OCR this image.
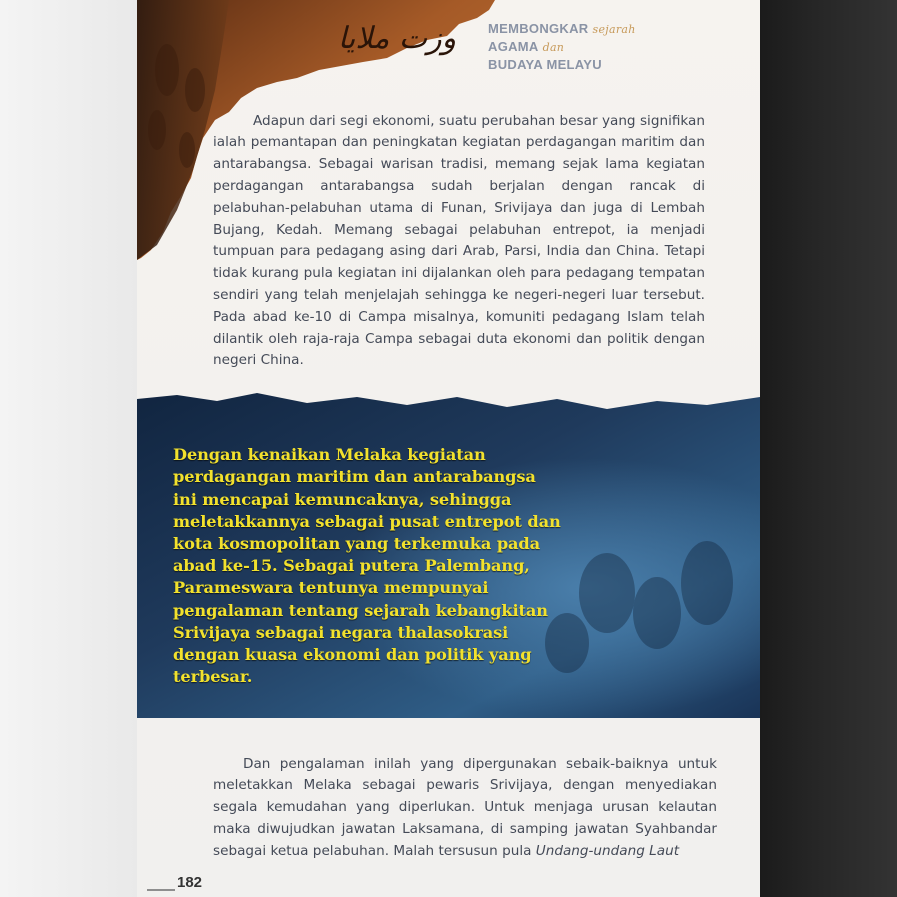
وزت ملايا MEMBONGKAR sejarah
AGAMA dan
BUDAYA MELAYU

Adapun dari segi ekonomi, suatu perubahan besar yang signifikan ialah pemantapan dan peningkatan kegiatan perdagangan maritim dan antarabangsa. Sebagai warisan tradisi, memang sejak lama kegiatan perdagangan antarabangsa sudah berjalan dengan rancak di pelabuhan-pelabuhan utama di Funan, Srivijaya dan juga di Lembah Bujang, Kedah. Memang sebagai pelabuhan entrepot, ia menjadi tumpuan para pedagang asing dari Arab, Parsi, India dan China. Tetapi tidak kurang pula kegiatan ini dijalankan oleh para pedagang tempatan sendiri yang telah menjelajah sehingga ke negeri-negeri luar tersebut. Pada abad ke-10 di Campa misalnya, komuniti pedagang Islam telah dilantik oleh raja-raja Campa sebagai duta ekonomi dan politik dengan negeri China.

Dengan kenaikan Melaka kegiatan perdagangan maritim dan antarabangsa ini mencapai kemuncaknya, sehingga meletakkannya sebagai pusat entrepot dan kota kosmopolitan yang terkemuka pada abad ke-15. Sebagai putera Palembang, Parameswara tentunya mempunyai pengalaman tentang sejarah kebangkitan Srivijaya sebagai negara thalasokrasi dengan kuasa ekonomi dan politik yang terbesar.

Dan pengalaman inilah yang dipergunakan sebaik-baiknya untuk meletakkan Melaka sebagai pewaris Srivijaya, dengan menyediakan segala kemudahan yang diperlukan. Untuk menjaga urusan kelautan maka diwujudkan jawatan Laksamana, di samping jawatan Syahbandar sebagai ketua pelabuhan. Malah tersusun pula Undang-undang Laut

182
